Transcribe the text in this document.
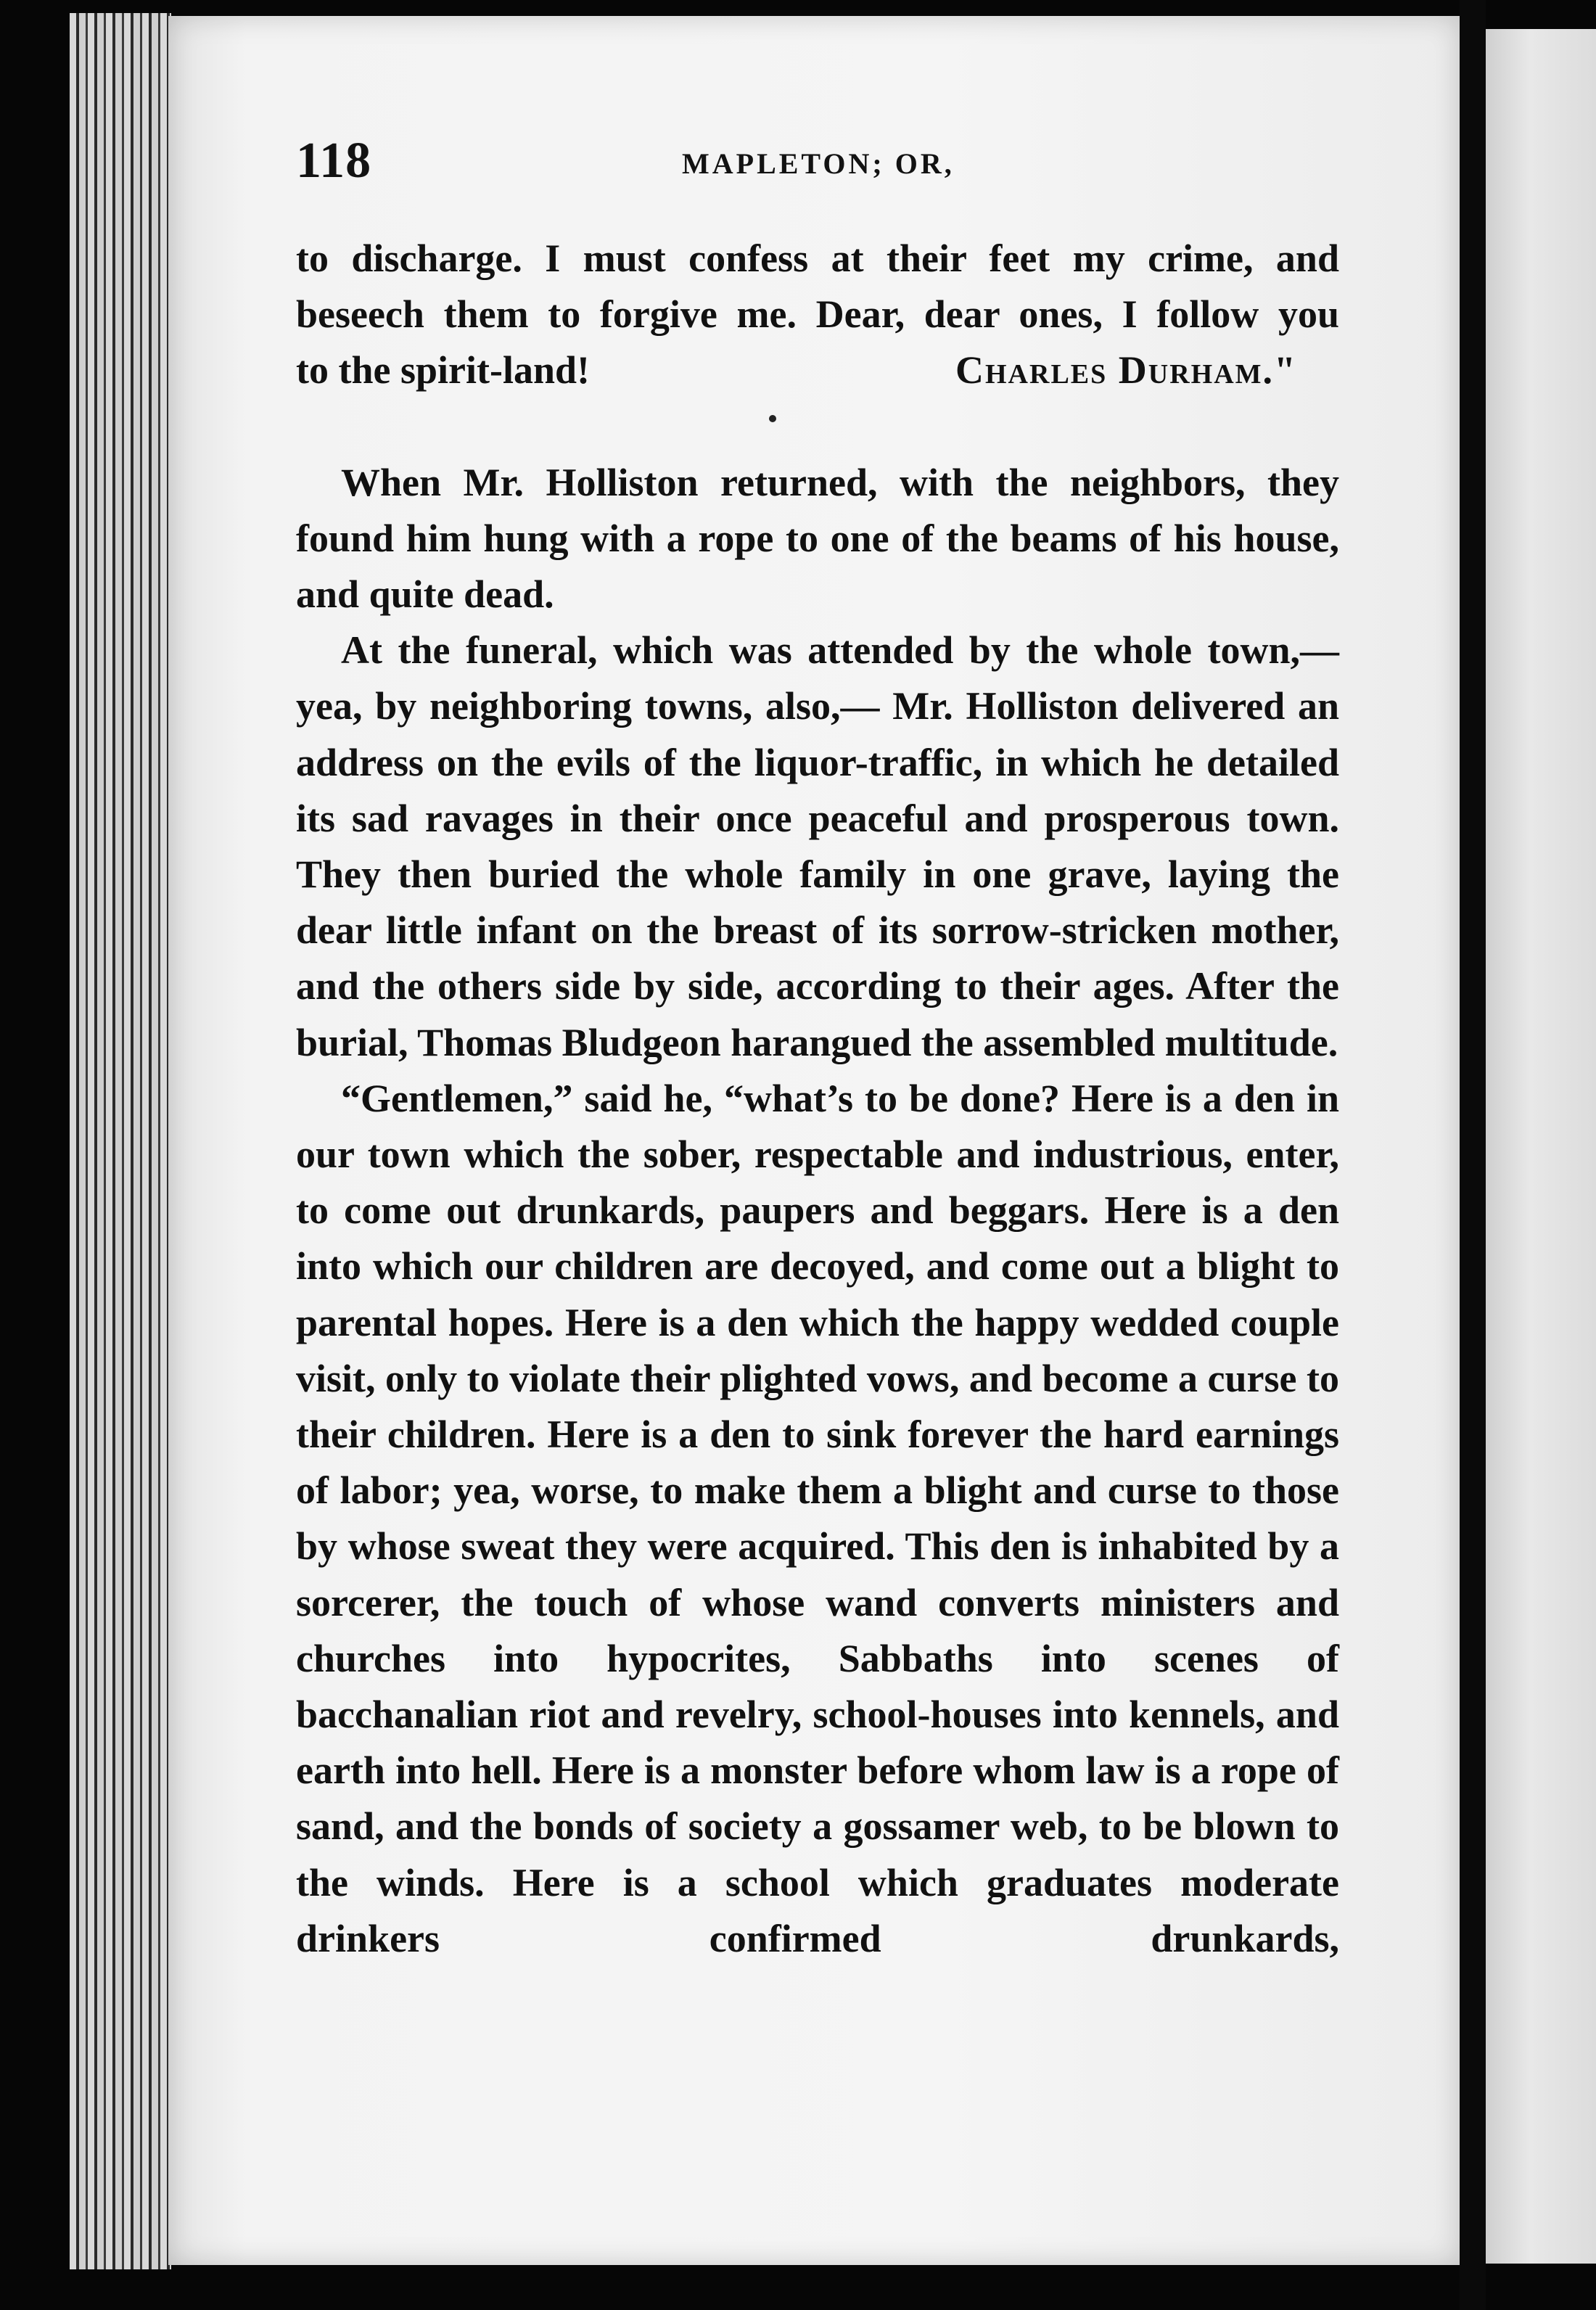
118	MAPLETON; OR,

to discharge. I must confess at their feet my crime, and

beseech them to forgive me. Dear, dear ones, I follow you

to the spirit-land!	Charles Durham."

When Mr. Holliston returned, with the neighbors, they found him hung with a rope to one of the beams of his house, and quite dead.

At the funeral, which was attended by the whole town,— yea, by neighboring towns, also,— Mr. Holliston delivered an address on the evils of the liquor-traffic, in which he detailed its sad ravages in their once peaceful and prosperous town. They then buried the whole family in one grave, laying the dear little infant on the breast of its sorrow-stricken mother, and the others side by side, according to their ages. After the burial, Thomas Bludgeon harangued the assembled multitude.

“Gentlemen,” said he, “what’s to be done? Here is a den in our town which the sober, respectable and industrious, enter, to come out drunkards, paupers and beggars. Here is a den into which our children are decoyed, and come out a blight to parental hopes. Here is a den which the happy wedded couple visit, only to violate their plighted vows, and become a curse to their children. Here is a den to sink forever the hard earnings of labor; yea, worse, to make them a blight and curse to those by whose sweat they were acquired. This den is inhabited by a sorcerer, the touch of whose wand converts ministers and churches into hypocrites, Sabbaths into scenes of bacchanalian riot and revelry, school-houses into kennels, and earth into hell. Here is a monster before whom law is a rope of sand, and the bonds of society a gossamer web, to be blown to the winds. Here is a school which graduates moderate drinkers confirmed drunkards,
